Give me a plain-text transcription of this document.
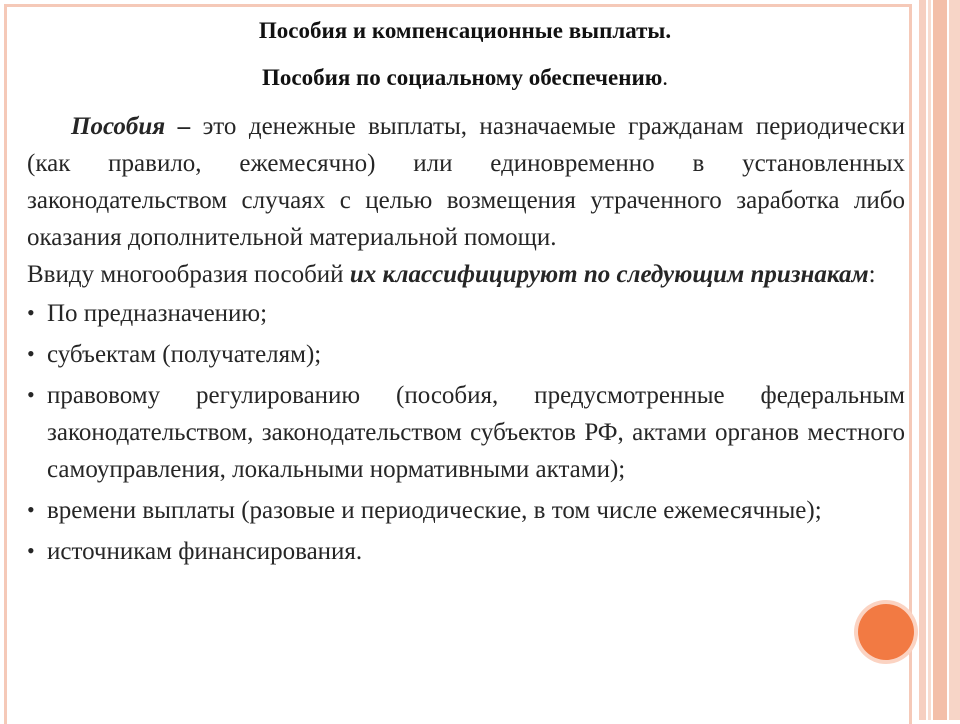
Пособия и компенсационные выплаты.
Пособия по социальному обеспечению.

Пособия – это денежные выплаты, назначаемые гражданам периодически (как правило, ежемесячно) или единовременно в установленных законодательством случаях с целью возмещения утраченного заработка либо оказания дополнительной материальной помощи.

Ввиду многообразия пособий их классифицируют по следующим признакам:

• По предназначению;
• субъектам (получателям);
• правовому регулированию (пособия, предусмотренные федеральным законодательством, законодательством субъектов РФ, актами органов местного самоуправления, локальными нормативными актами);
• времени выплаты (разовые и периодические, в том числе ежемесячные);
• источникам финансирования.
